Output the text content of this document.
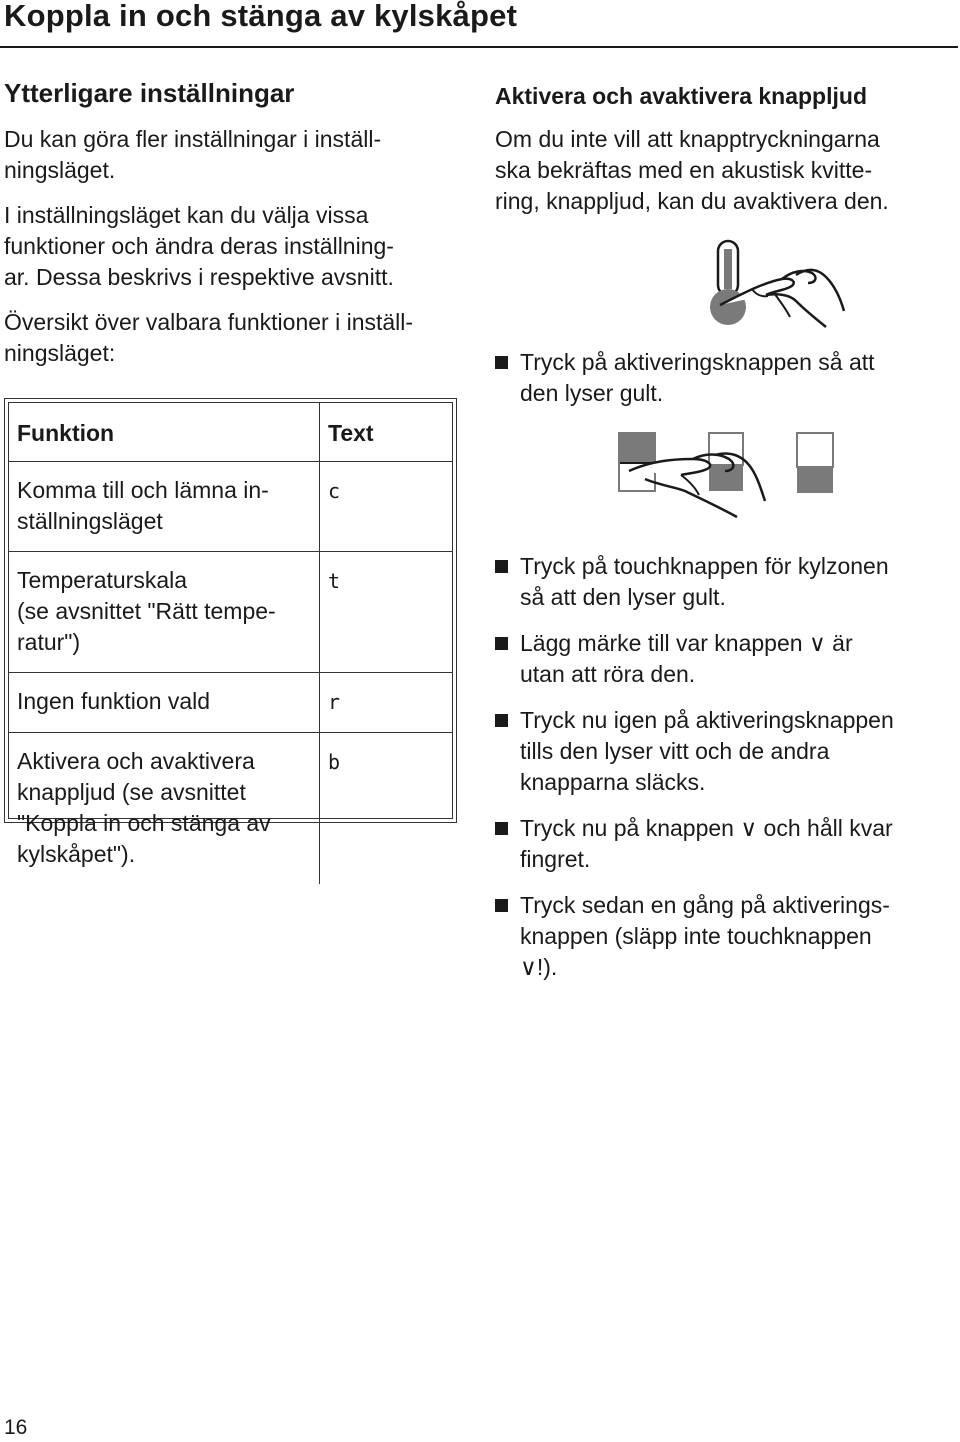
Koppla in och stänga av kylskåpet
Ytterligare inställningar

Du kan göra fler inställningar i inställ-
ningsläget.

I inställningsläget kan du välja vissa
funktioner och ändra deras inställning-
ar. Dessa beskrivs i respektive avsnitt.

Översikt över valbara funktioner i inställ-
ningsläget:

Funktion	Text
Komma till och lämna in-
ställningsläget	c
Temperaturskala
(se avsnittet "Rätt tempe-
ratur")	t
Ingen funktion vald	r
Aktivera och avaktivera
knappljud (se avsnittet
"Koppla in och stänga av
kylskåpet").	b
Aktivera och avaktivera knappljud

Om du inte vill att knapptryckningarna
ska bekräftas med en akustisk kvitte-
ring, knappljud, kan du avaktivera den.

Tryck på aktiveringsknappen så att
den lyser gult.
Tryck på touchknappen för kylzonen
så att den lyser gult.
Lägg märke till var knappen ∨ är
utan att röra den.
Tryck nu igen på aktiveringsknappen
tills den lyser vitt och de andra
knapparna släcks.
Tryck nu på knappen ∨ och håll kvar
fingret.
Tryck sedan en gång på aktiverings-
knappen (släpp inte touchknappen
∨!).
16
